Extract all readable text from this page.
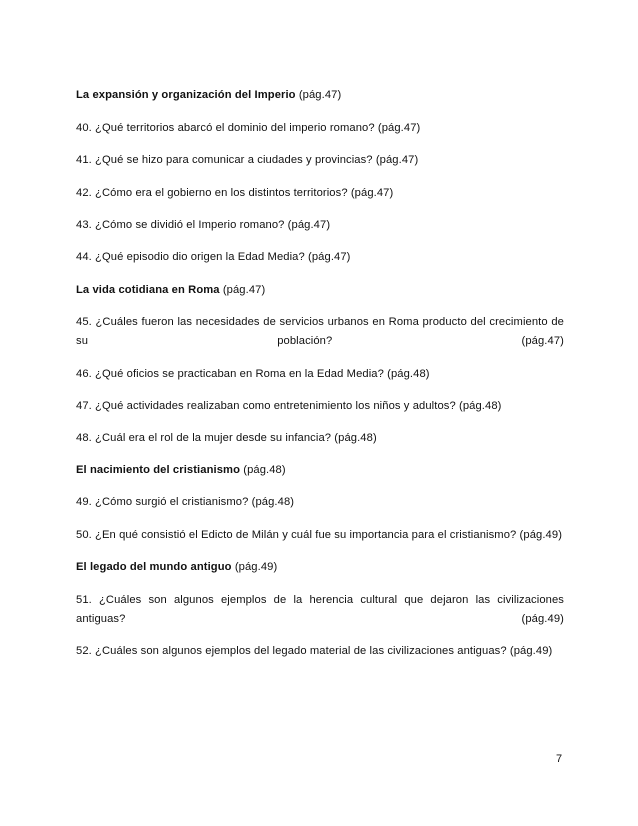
La expansión y organización del Imperio (pág.47)
40. ¿Qué territorios abarcó el dominio del imperio romano? (pág.47)
41. ¿Qué se hizo para comunicar a ciudades y provincias? (pág.47)
42. ¿Cómo era el gobierno en los distintos territorios? (pág.47)
43. ¿Cómo se dividió el Imperio romano? (pág.47)
44. ¿Qué episodio dio origen la Edad Media? (pág.47)
La vida cotidiana en Roma (pág.47)
45. ¿Cuáles fueron las necesidades de servicios urbanos en Roma producto del crecimiento de su población? (pág.47)
46. ¿Qué oficios se practicaban en Roma en la Edad Media? (pág.48)
47. ¿Qué actividades realizaban como entretenimiento los niños y adultos? (pág.48)
48. ¿Cuál era el rol de la mujer desde su infancia? (pág.48)
El nacimiento del cristianismo (pág.48)
49. ¿Cómo surgió el cristianismo? (pág.48)
50. ¿En qué consistió el Edicto de Milán y cuál fue su importancia para el cristianismo? (pág.49)
El legado del mundo antiguo (pág.49)
51. ¿Cuáles son algunos ejemplos de la herencia cultural que dejaron las civilizaciones antiguas? (pág.49)
52. ¿Cuáles son algunos ejemplos del legado material de las civilizaciones antiguas? (pág.49)
7
